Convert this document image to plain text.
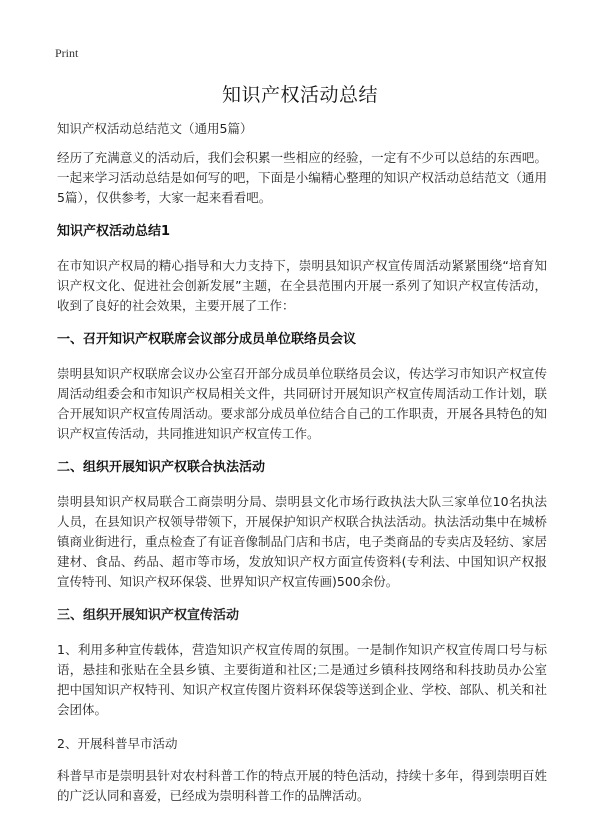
Print
知识产权活动总结

知识产权活动总结范文（通用5篇）

经历了充满意义的活动后，我们会积累一些相应的经验，一定有不少可以总结的东西吧。一起来学习活动总结是如何写的吧，下面是小编精心整理的知识产权活动总结范文（通用5篇），仅供参考，大家一起来看看吧。

知识产权活动总结1

在市知识产权局的精心指导和大力支持下，崇明县知识产权宣传周活动紧紧围绕“培育知识产权文化、促进社会创新发展”主题，在全县范围内开展一系列了知识产权宣传活动，收到了良好的社会效果，主要开展了工作：

一、召开知识产权联席会议部分成员单位联络员会议

崇明县知识产权联席会议办公室召开部分成员单位联络员会议，传达学习市知识产权宣传周活动组委会和市知识产权局相关文件，共同研讨开展知识产权宣传周活动工作计划，联合开展知识产权宣传周活动。要求部分成员单位结合自己的工作职责，开展各具特色的知识产权宣传活动，共同推进知识产权宣传工作。

二、组织开展知识产权联合执法活动

崇明县知识产权局联合工商崇明分局、崇明县文化市场行政执法大队三家单位10名执法人员，在县知识产权领导带领下，开展保护知识产权联合执法活动。执法活动集中在城桥镇商业街进行，重点检查了有证音像制品门店和书店，电子类商品的专卖店及轻纺、家居建材、食品、药品、超市等市场，发放知识产权方面宣传资料(专利法、中国知识产权报宣传特刊、知识产权环保袋、世界知识产权宣传画)500余份。

三、组织开展知识产权宣传活动

1、利用多种宣传载体，营造知识产权宣传周的氛围。一是制作知识产权宣传周口号与标语，悬挂和张贴在全县乡镇、主要街道和社区;二是通过乡镇科技网络和科技助员办公室把中国知识产权特刊、知识产权宣传图片资料环保袋等送到企业、学校、部队、机关和社会团体。

2、开展科普早市活动

科普早市是崇明县针对农村科普工作的特点开展的特色活动，持续十多年，得到崇明百姓的广泛认同和喜爱，已经成为崇明科普工作的品牌活动。
